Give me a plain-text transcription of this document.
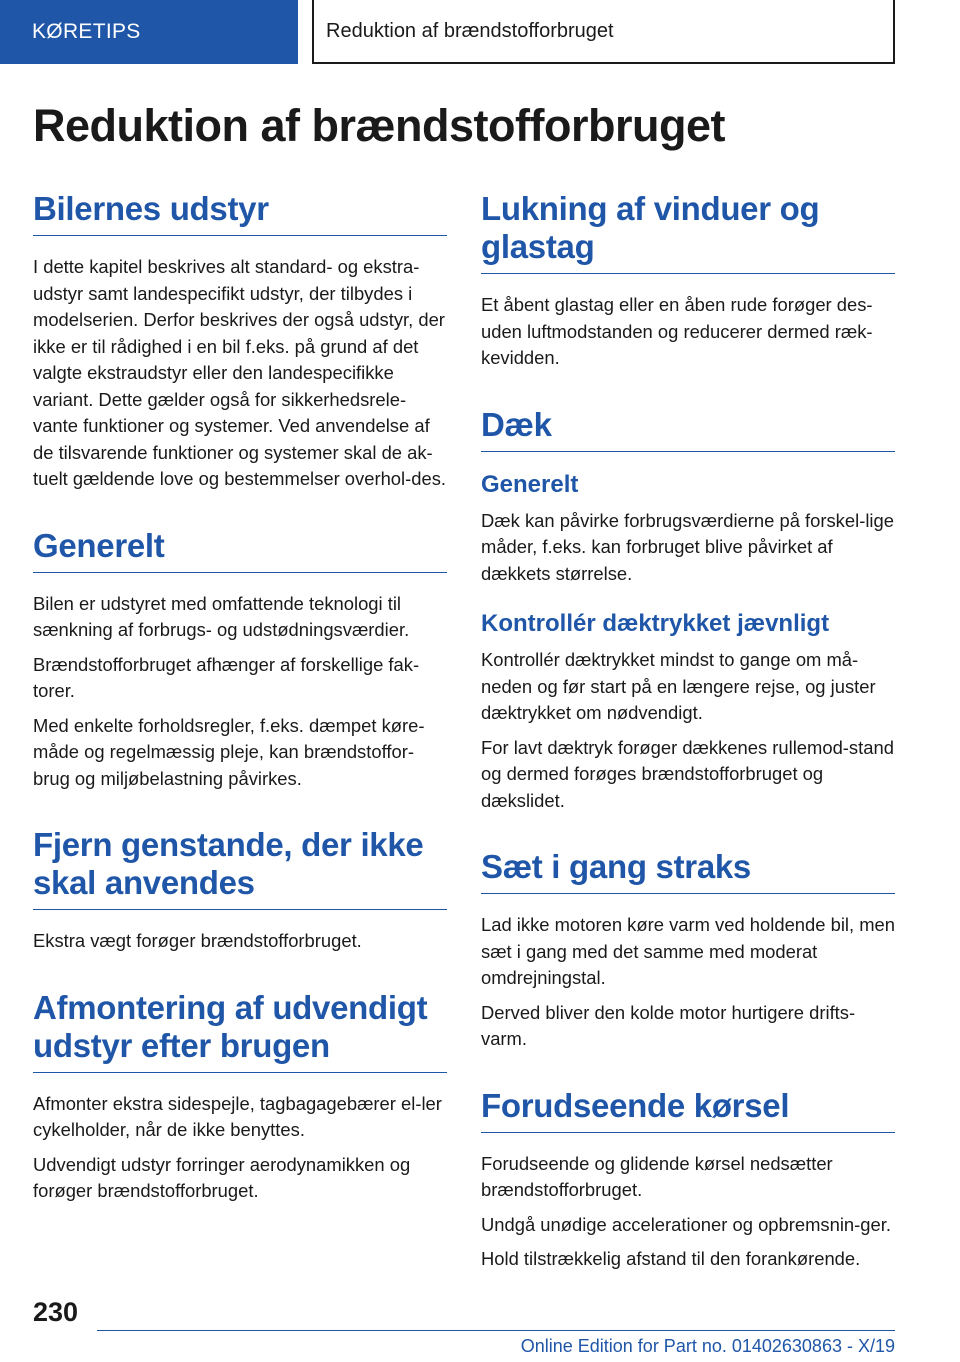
KØRETIPS	Reduktion af brændstofforbruget
Reduktion af brændstofforbruget
Bilernes udstyr

I dette kapitel beskrives alt standard- og ekstra-udstyr samt landespecifikt udstyr, der tilbydes i modelserien. Derfor beskrives der også udstyr, der ikke er til rådighed i en bil f.eks. på grund af det valgte ekstraudstyr eller den landespecifikke variant. Dette gælder også for sikkerhedsrele-vante funktioner og systemer. Ved anvendelse af de tilsvarende funktioner og systemer skal de ak-tuelt gældende love og bestemmelser overhol-des.

Generelt

Bilen er udstyret med omfattende teknologi til sænkning af forbrugs- og udstødningsværdier.

Brændstofforbruget afhænger af forskellige fak-torer.

Med enkelte forholdsregler, f.eks. dæmpet køre-måde og regelmæssig pleje, kan brændstoffor-brug og miljøbelastning påvirkes.

Fjern genstande, der ikke skal anvendes

Ekstra vægt forøger brændstofforbruget.

Afmontering af udvendigt udstyr efter brugen

Afmonter ekstra sidespejle, tagbagagebærer el-ler cykelholder, når de ikke benyttes.

Udvendigt udstyr forringer aerodynamikken og forøger brændstofforbruget.

Lukning af vinduer og glastag

Et åbent glastag eller en åben rude forøger des-uden luftmodstanden og reducerer dermed ræk-kevidden.

Dæk
Generelt

Dæk kan påvirke forbrugsværdierne på forskel-lige måder, f.eks. kan forbruget blive påvirket af dækkets størrelse.

Kontrollér dæktrykket jævnligt

Kontrollér dæktrykket mindst to gange om må-neden og før start på en længere rejse, og juster dæktrykket om nødvendigt.

For lavt dæktryk forøger dækkenes rullemod-stand og dermed forøges brændstofforbruget og dækslidet.

Sæt i gang straks

Lad ikke motoren køre varm ved holdende bil, men sæt i gang med det samme med moderat omdrejningstal.

Derved bliver den kolde motor hurtigere drifts-varm.

Forudseende kørsel

Forudseende og glidende kørsel nedsætter brændstofforbruget.

Undgå unødige accelerationer og opbremsnin-ger.

Hold tilstrækkelig afstand til den forankørende.

230
Online Edition for Part no. 01402630863 - X/19
